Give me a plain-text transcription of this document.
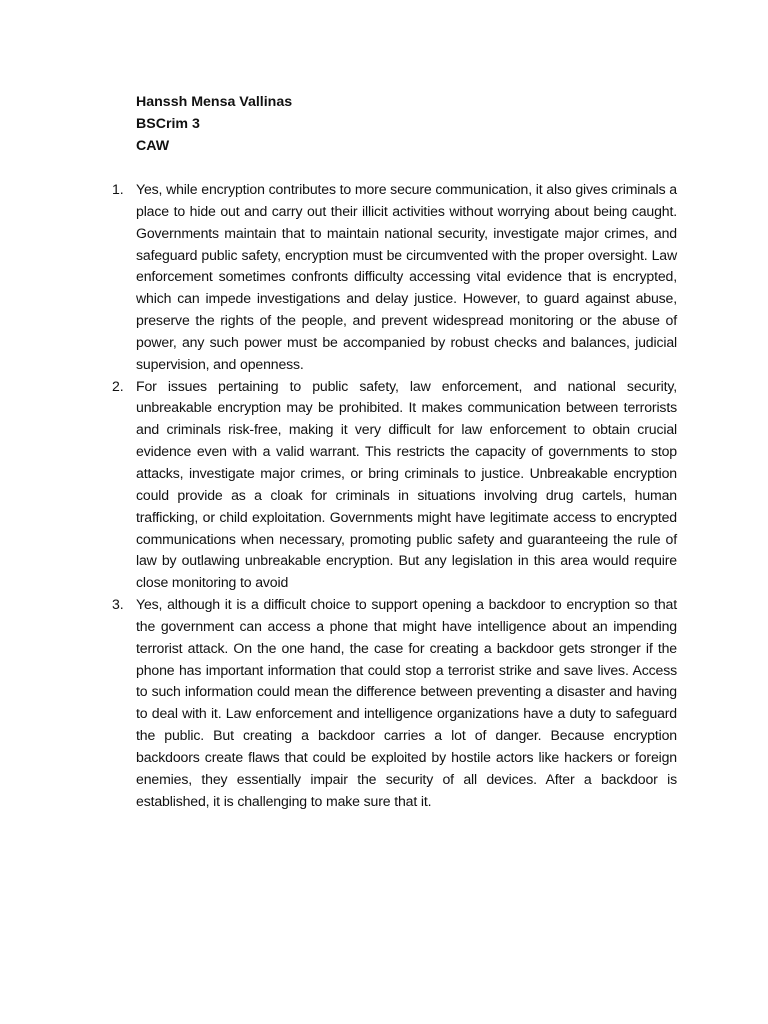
Hanssh Mensa Vallinas
BSCrim 3
CAW
1. Yes, while encryption contributes to more secure communication, it also gives criminals a place to hide out and carry out their illicit activities without worrying about being caught. Governments maintain that to maintain national security, investigate major crimes, and safeguard public safety, encryption must be circumvented with the proper oversight. Law enforcement sometimes confronts difficulty accessing vital evidence that is encrypted, which can impede investigations and delay justice. However, to guard against abuse, preserve the rights of the people, and prevent widespread monitoring or the abuse of power, any such power must be accompanied by robust checks and balances, judicial supervision, and openness.
2. For issues pertaining to public safety, law enforcement, and national security, unbreakable encryption may be prohibited. It makes communication between terrorists and criminals risk-free, making it very difficult for law enforcement to obtain crucial evidence even with a valid warrant. This restricts the capacity of governments to stop attacks, investigate major crimes, or bring criminals to justice. Unbreakable encryption could provide as a cloak for criminals in situations involving drug cartels, human trafficking, or child exploitation. Governments might have legitimate access to encrypted communications when necessary, promoting public safety and guaranteeing the rule of law by outlawing unbreakable encryption. But any legislation in this area would require close monitoring to avoid
3. Yes, although it is a difficult choice to support opening a backdoor to encryption so that the government can access a phone that might have intelligence about an impending terrorist attack. On the one hand, the case for creating a backdoor gets stronger if the phone has important information that could stop a terrorist strike and save lives. Access to such information could mean the difference between preventing a disaster and having to deal with it. Law enforcement and intelligence organizations have a duty to safeguard the public. But creating a backdoor carries a lot of danger. Because encryption backdoors create flaws that could be exploited by hostile actors like hackers or foreign enemies, they essentially impair the security of all devices. After a backdoor is established, it is challenging to make sure that it.
